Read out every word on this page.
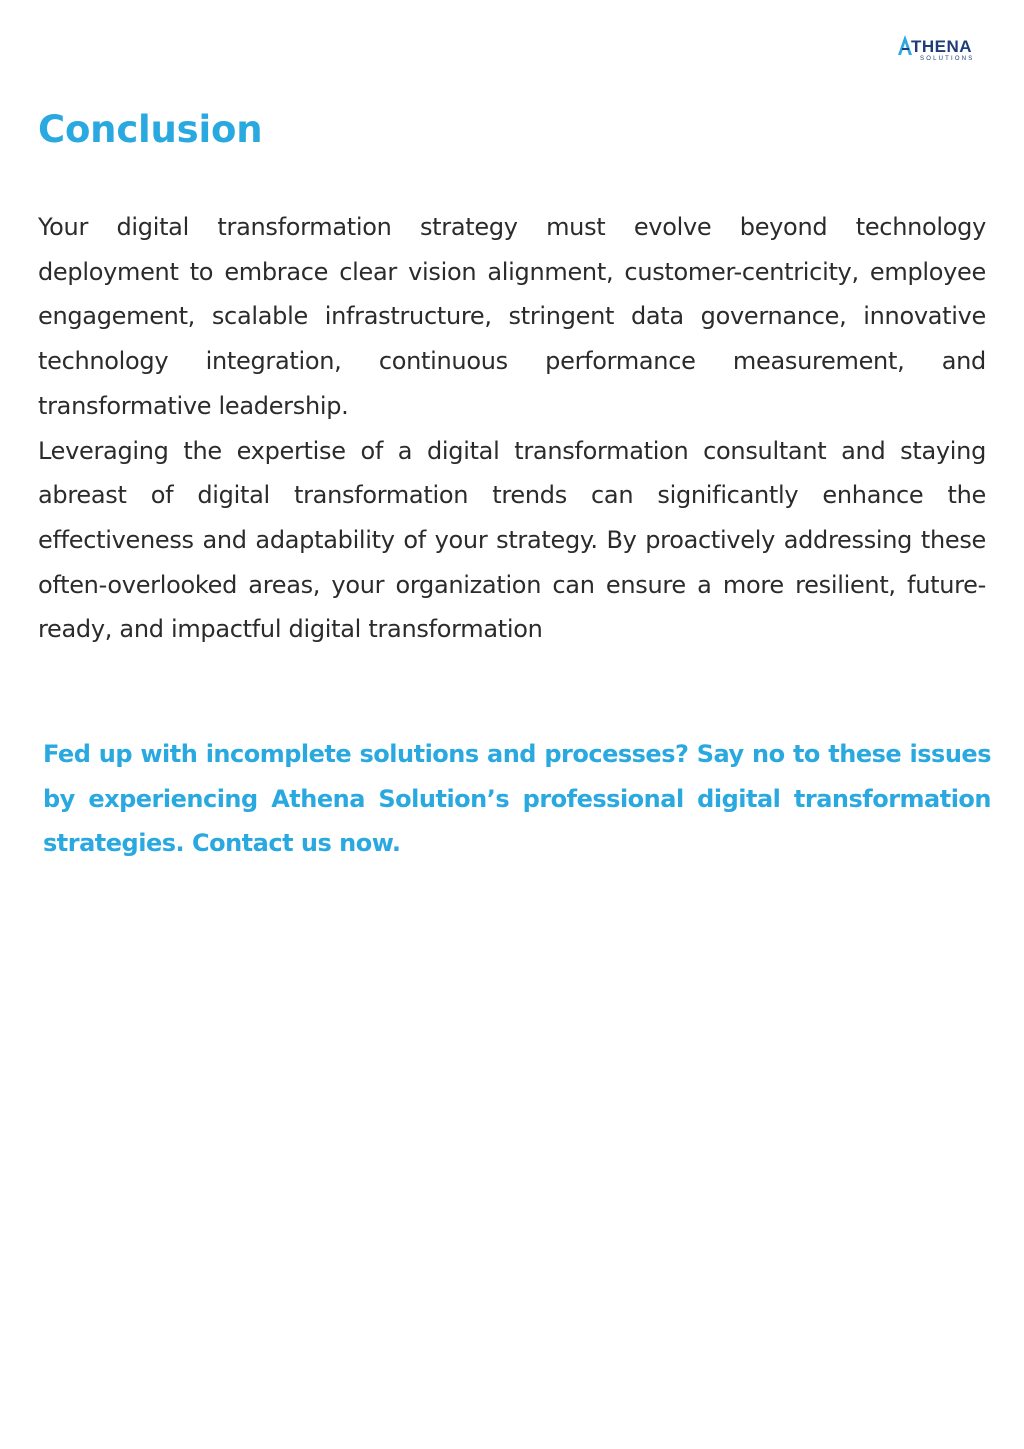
THENA
SOLUTIONS
Conclusion

Your digital transformation strategy must evolve beyond technology deployment to embrace clear vision alignment, customer-centricity, employee engagement, scalable infrastructure, stringent data governance, innovative technology integration, continuous performance measurement, and transformative leadership.

Leveraging the expertise of a digital transformation consultant and staying abreast of digital transformation trends can significantly enhance the effectiveness and adaptability of your strategy. By proactively addressing these often-overlooked areas, your organization can ensure a more resilient, future-ready, and impactful digital transformation

Fed up with incomplete solutions and processes? Say no to these issues by experiencing Athena Solution’s professional digital transformation strategies. Contact us now.
